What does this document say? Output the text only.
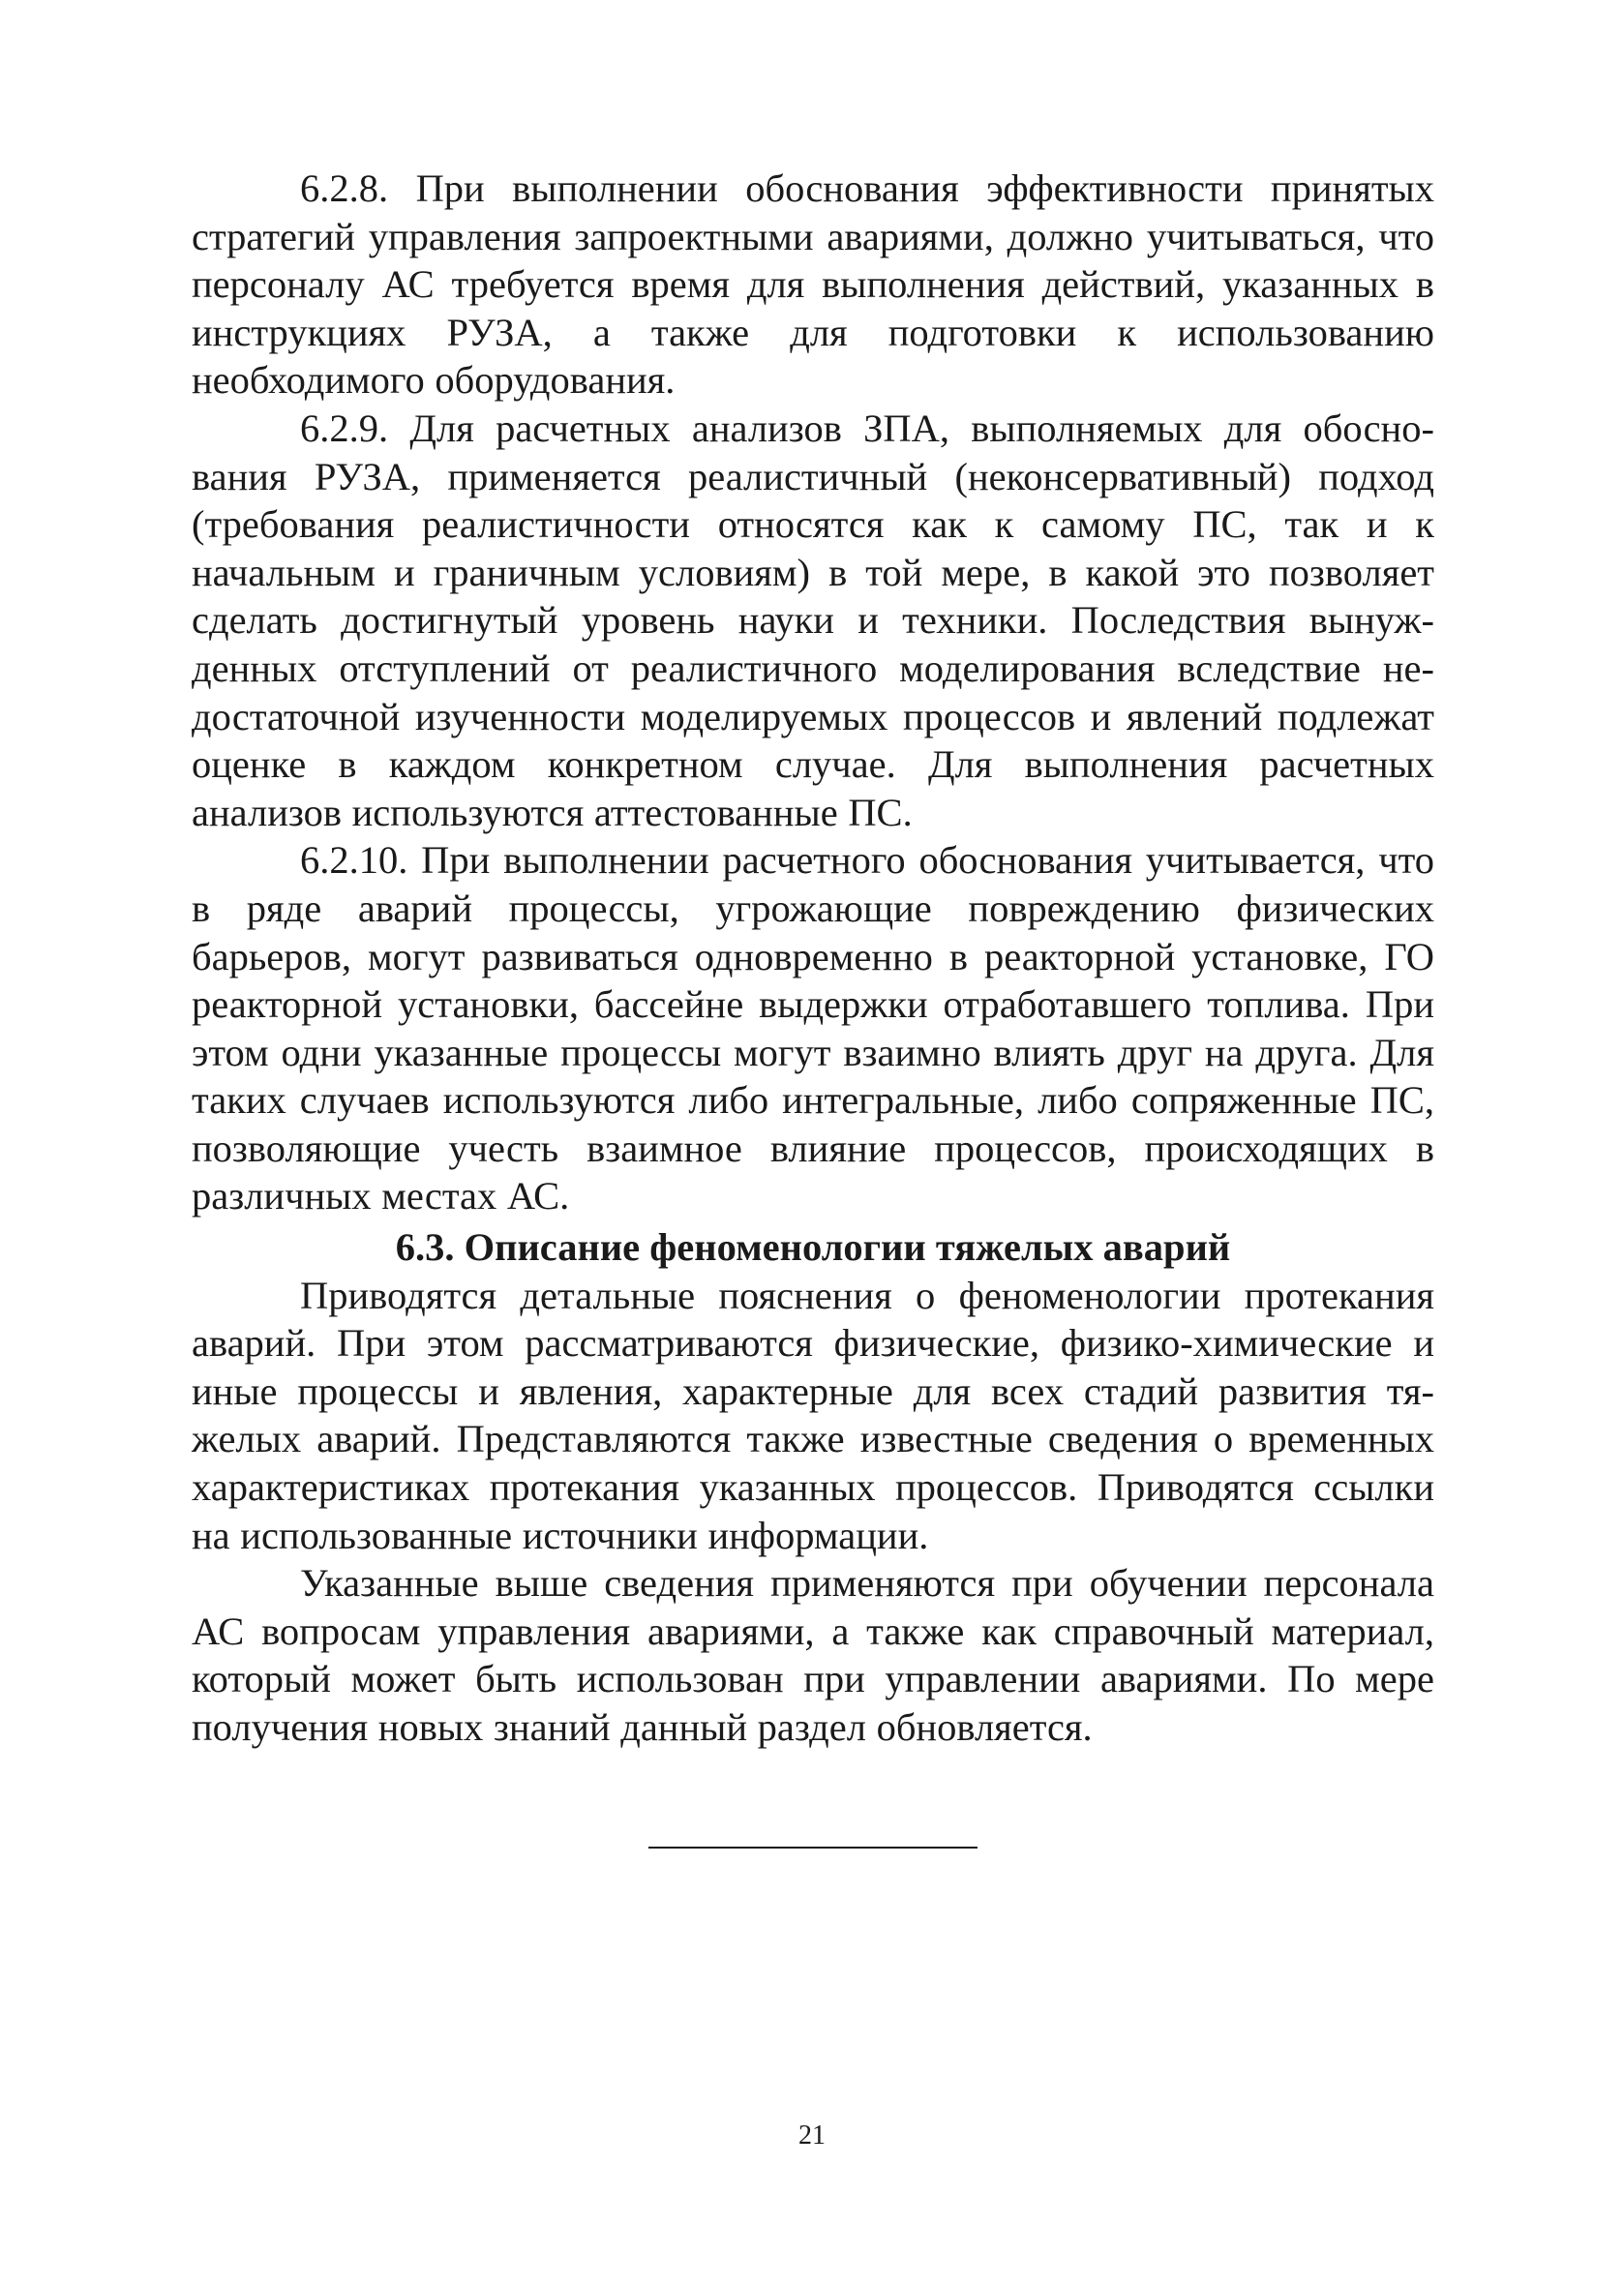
6.2.8. При выполнении обоснования эффективности принятых стратегий управления запроектными авариями, должно учитываться, что персоналу АС требуется время для выполнения действий, указанных в инструкциях РУЗА, а также для подготовки к использованию необходимого оборудования.

6.2.9. Для расчетных анализов ЗПА, выполняемых для обоснования РУЗА, применяется реалистичный (неконсервативный) подход (требования реалистичности относятся как к самому ПС, так и к начальным и граничным условиям) в той мере, в какой это позволяет сделать достигнутый уровень науки и техники. Последствия вынужденных отступлений от реалистичного моделирования вследствие недостаточной изученности моделируемых процессов и явлений подлежат оценке в каждом конкретном случае. Для выполнения расчетных анализов используются аттестованные ПС.

6.2.10. При выполнении расчетного обоснования учитывается, что в ряде аварий процессы, угрожающие повреждению физических барьеров, могут развиваться одновременно в реакторной установке, ГО реакторной установки, бассейне выдержки отработавшего топлива. При этом одни указанные процессы могут взаимно влиять друг на друга. Для таких случаев используются либо интегральные, либо сопряженные ПС, позволяющие учесть взаимное влияние процессов, происходящих в различных местах АС.

6.3. Описание феноменологии тяжелых аварий

Приводятся детальные пояснения о феноменологии протекания аварий. При этом рассматриваются физические, физико-химические и иные процессы и явления, характерные для всех стадий развития тяжелых аварий. Представляются также известные сведения о временных характеристиках протекания указанных процессов. Приводятся ссылки на использованные источники информации.

Указанные выше сведения применяются при обучении персонала АС вопросам управления авариями, а также как справочный материал, который может быть использован при управлении авариями. По мере получения новых знаний данный раздел обновляется.

21
